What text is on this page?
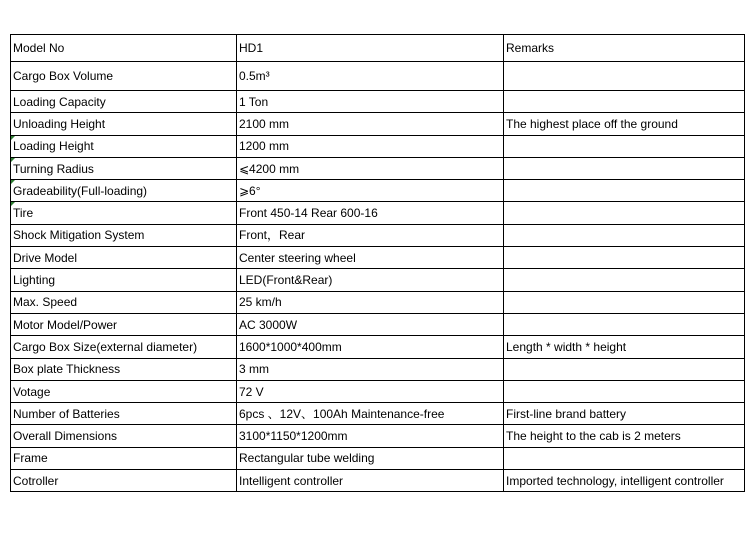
Model No	HD1	Remarks
Cargo Box Volume	0.5m³	
Loading Capacity	1 Ton	
Unloading Height	2100 mm	The highest place off the ground
Loading Height	1200 mm	
Turning Radius	⩽4200 mm	
Gradeability(Full-loading)	⩾6°	
Tire	Front 450-14 Rear 600-16	
Shock Mitigation System	Front，Rear	
Drive Model	Center steering wheel	
Lighting	LED(Front&Rear)	
Max. Speed	25 km/h	
Motor Model/Power	AC 3000W	
Cargo Box Size(external diameter)	1600*1000*400mm	Length * width * height
Box plate Thickness	3 mm	
Votage	72 V	
Number of Batteries	6pcs 、12V、100Ah Maintenance-free	First-line brand battery
Overall Dimensions	3100*1150*1200mm	The height to the cab is 2 meters
Frame	Rectangular tube welding	
Cotroller	Intelligent controller	Imported technology, intelligent controller
